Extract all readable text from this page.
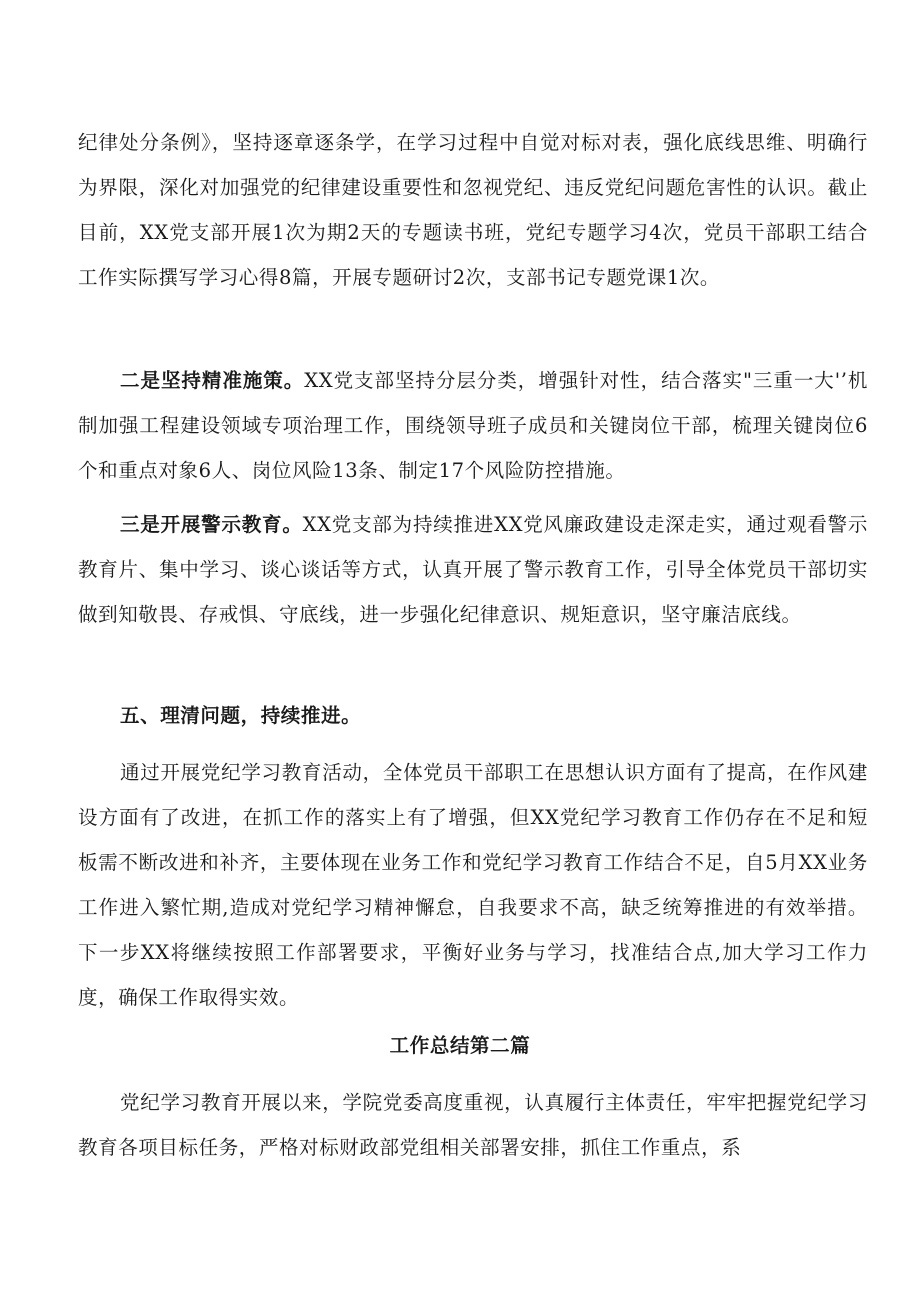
纪律处分条例》，坚持逐章逐条学，在学习过程中自觉对标对表，强化底线思维、明确行为界限，深化对加强党的纪律建设重要性和忽视党纪、违反党纪问题危害性的认识。截止目前，XX党支部开展1次为期2天的专题读书班，党纪专题学习4次，党员干部职工结合工作实际撰写学习心得8篇，开展专题研讨2次，支部书记专题党课1次。

二是坚持精准施策。XX党支部坚持分层分类，增强针对性，结合落实"三重一大'’机制加强工程建设领域专项治理工作，围绕领导班子成员和关键岗位干部，梳理关键岗位6个和重点对象6人、岗位风险13条、制定17个风险防控措施。

三是开展警示教育。XX党支部为持续推进XX党风廉政建设走深走实，通过观看警示教育片、集中学习、谈心谈话等方式，认真开展了警示教育工作，引导全体党员干部切实做到知敬畏、存戒惧、守底线，进一步强化纪律意识、规矩意识，坚守廉洁底线。

五、理清问题，持续推进。

通过开展党纪学习教育活动，全体党员干部职工在思想认识方面有了提高，在作风建设方面有了改进，在抓工作的落实上有了增强，但XX党纪学习教育工作仍存在不足和短板需不断改进和补齐，主要体现在业务工作和党纪学习教育工作结合不足，自5月XX业务工作进入繁忙期,造成对党纪学习精神懈怠，自我要求不高，缺乏统筹推进的有效举措。下一步XX将继续按照工作部署要求，平衡好业务与学习，找准结合点,加大学习工作力度，确保工作取得实效。

工作总结第二篇

党纪学习教育开展以来，学院党委高度重视，认真履行主体责任，牢牢把握党纪学习教育各项目标任务，严格对标财政部党组相关部署安排，抓住工作重点，系
